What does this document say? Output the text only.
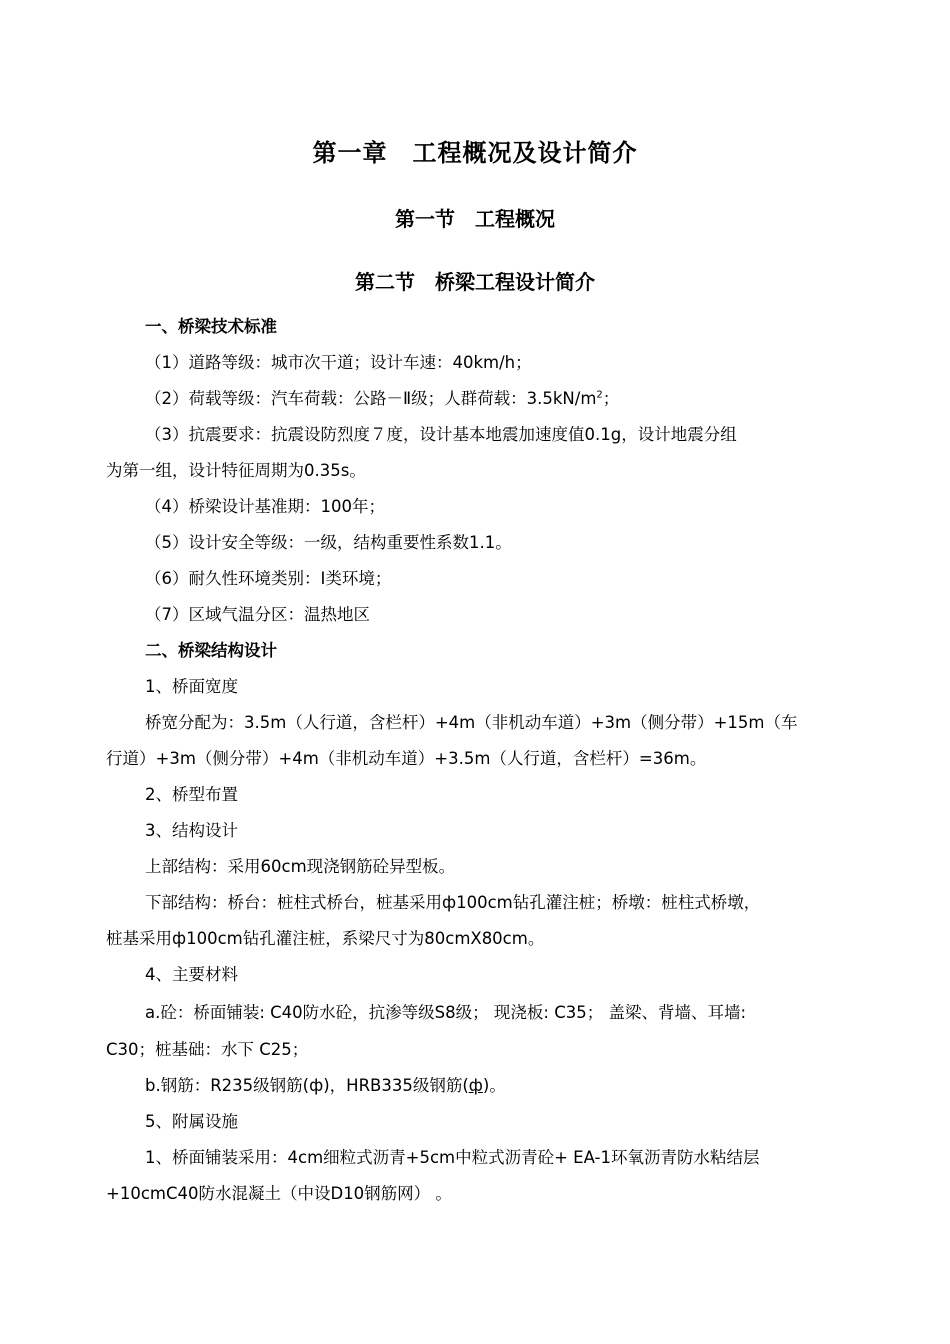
第一章　工程概况及设计简介
第一节　工程概况
第二节　桥梁工程设计简介
一、桥梁技术标准
（1）道路等级：城市次干道；设计车速：40km/h；
（2）荷载等级：汽车荷载：公路－Ⅱ级；人群荷载：$3.5kN/m^2$；
（3）抗震要求：抗震设防烈度７度，设计基本地震加速度值0.1g，设计地震分组
为第一组，设计特征周期为0.35s。
（4）桥梁设计基准期：100年；
（5）设计安全等级：一级，结构重要性系数1.1。
（6）耐久性环境类别：Ⅰ类环境；
（7）区域气温分区：温热地区
二、桥梁结构设计
1、桥面宽度
桥宽分配为：3.5m（人行道，含栏杆）+4m（非机动车道）+3m（侧分带）+15m（车
行道）+3m（侧分带）+4m（非机动车道）+3.5m（人行道，含栏杆）=36m。
2、桥型布置
3、结构设计
上部结构：采用60cm现浇钢筋砼异型板。
下部结构：桥台：桩柱式桥台，桩基采用ф100cm钻孔灌注桩；桥墩：桩柱式桥墩，
桩基采用ф100cm钻孔灌注桩，系梁尺寸为80cmX80cm。
4、主要材料
a.砼：桥面铺装: C40防水砼，抗渗等级S8级； 现浇板: C35； 盖梁、背墙、耳墙:
C30；桩基础：水下 C25；
b.钢筋：R235级钢筋(ф)，HRB335级钢筋(ф)。
5、附属设施
1、桥面铺装采用：4cm细粒式沥青+5cm中粒式沥青砼+ EA-1环氧沥青防水粘结层
+10cmC40防水混凝土（中设D10钢筋网） 。
